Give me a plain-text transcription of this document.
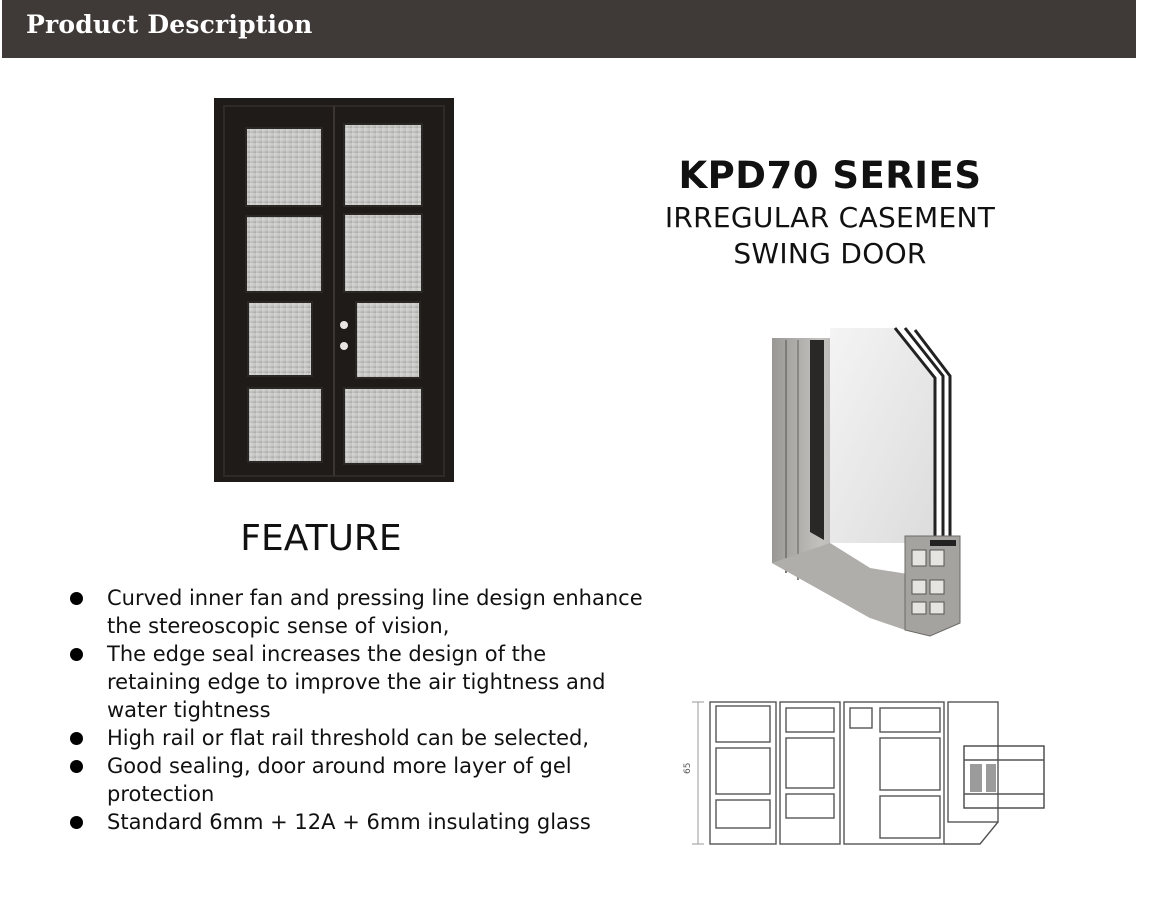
Product Description
FEATURE
Curved inner fan and pressing line design enhance the stereoscopic sense of vision,
The edge seal increases the design of the retaining edge to improve the air tightness and water tightness
High rail or flat rail threshold can be selected,
Good sealing, door around more layer of gel protection
Standard 6mm + 12A + 6mm insulating glass
KPD70 SERIES
IRREGULAR CASEMENT
SWING DOOR
65
